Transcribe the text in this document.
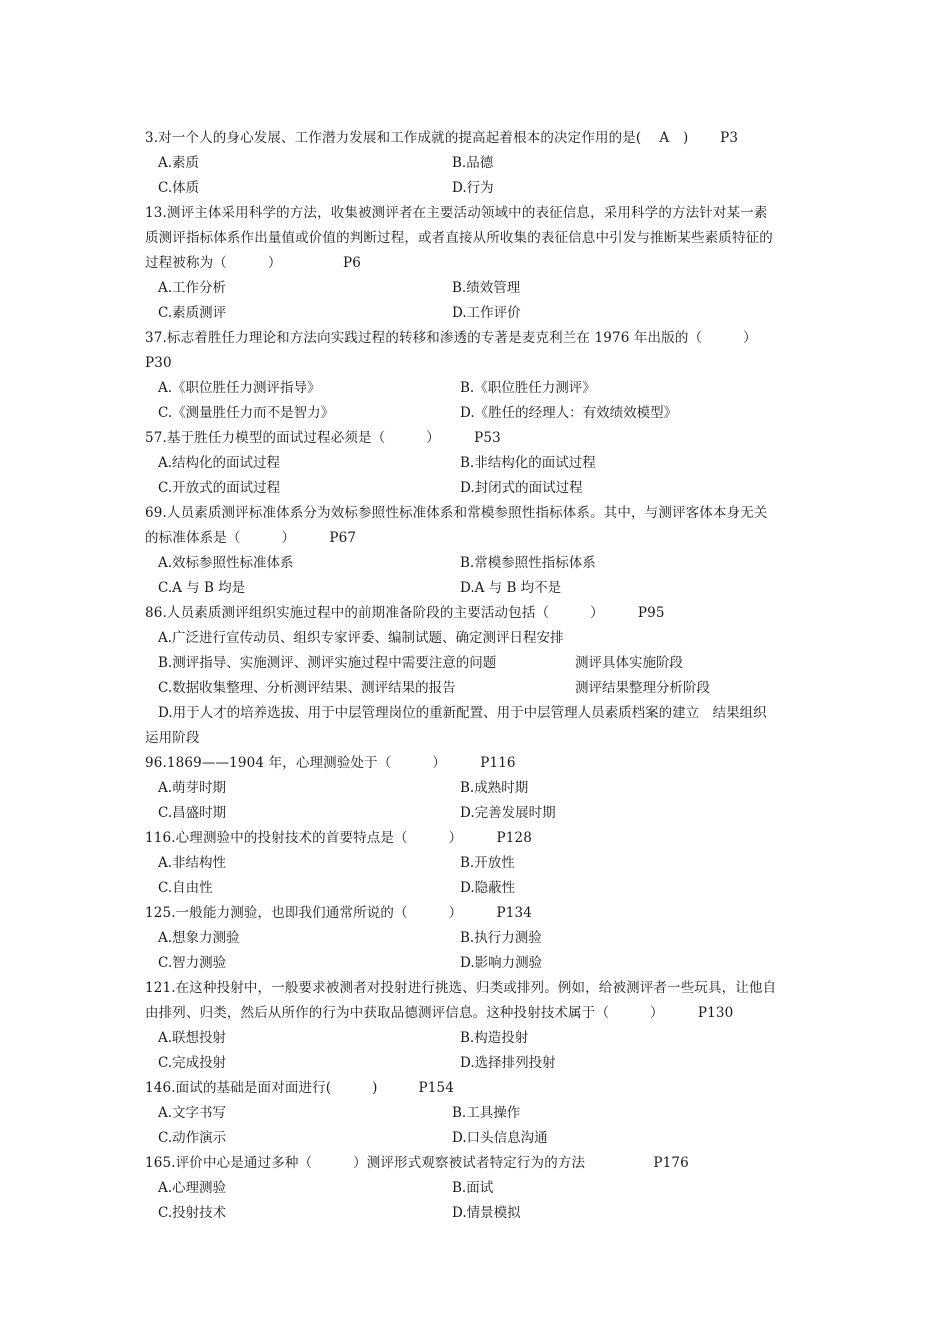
3.对一个人的身心发展、工作潜力发展和工作成就的提高起着根本的决定作用的是(　 A　)　　 P3
A.素质	B.品德
C.体质	D.行为
13.测评主体采用科学的方法，收集被测评者在主要活动领域中的表征信息，采用科学的方法针对某一素
质测评指标体系作出量值或价值的判断过程，或者直接从所收集的表征信息中引发与推断某些素质特征的
过程被称为（　　　）　　　　　P6
A.工作分析	B.绩效管理
C.素质测评	D.工作评价
37.标志着胜任力理论和方法向实践过程的转移和渗透的专著是麦克利兰在 1976 年出版的（　　　）
P30
A.《职位胜任力测评指导》	B.《职位胜任力测评》
C.《测量胜任力而不是智力》	D.《胜任的经理人：有效绩效模型》
57.基于胜任力模型的面试过程必须是（　　　）　　　P53
A.结构化的面试过程	B.非结构化的面试过程
C.开放式的面试过程	D.封闭式的面试过程
69.人员素质测评标准体系分为效标参照性标准体系和常模参照性指标体系。其中，与测评客体本身无关
的标准体系是（　　　）　　　P67
A.效标参照性标准体系	B.常模参照性指标体系
C.A 与 B 均是	D.A 与 B 均不是
86.人员素质测评组织实施过程中的前期准备阶段的主要活动包括（　　　）　　　P95
A.广泛进行宣传动员、组织专家评委、编制试题、确定测评日程安排
B.测评指导、实施测评、测评实施过程中需要注意的问题	测评具体实施阶段
C.数据收集整理、分析测评结果、测评结果的报告	测评结果整理分析阶段
D.用于人才的培养选拔、用于中层管理岗位的重新配置、用于中层管理人员素质档案的建立　结果组织
运用阶段
96.1869——1904 年，心理测验处于（　　　）　　　P116
A.萌芽时期	B.成熟时期
C.昌盛时期	D.完善发展时期
116.心理测验中的投射技术的首要特点是（　　　）　　　P128
A.非结构性	B.开放性
C.自由性	D.隐蔽性
125.一般能力测验，也即我们通常所说的（　　　）　　　P134
A.想象力测验	B.执行力测验
C.智力测验	D.影响力测验
121.在这种投射中，一般要求被测者对投射进行挑选、归类或排列。例如，给被测评者一些玩具，让他自
由排列、归类，然后从所作的行为中获取品德测评信息。这种投射技术属于（　　　）　　　P130
A.联想投射	B.构造投射
C.完成投射	D.选择排列投射
146.面试的基础是面对面进行(　　　)　　　P154
A.文字书写	B.工具操作
C.动作演示	D.口头信息沟通
165.评价中心是通过多种（　　　）测评形式观察被试者特定行为的方法　　　　　P176
A.心理测验	B.面试
C.投射技术	D.情景模拟
